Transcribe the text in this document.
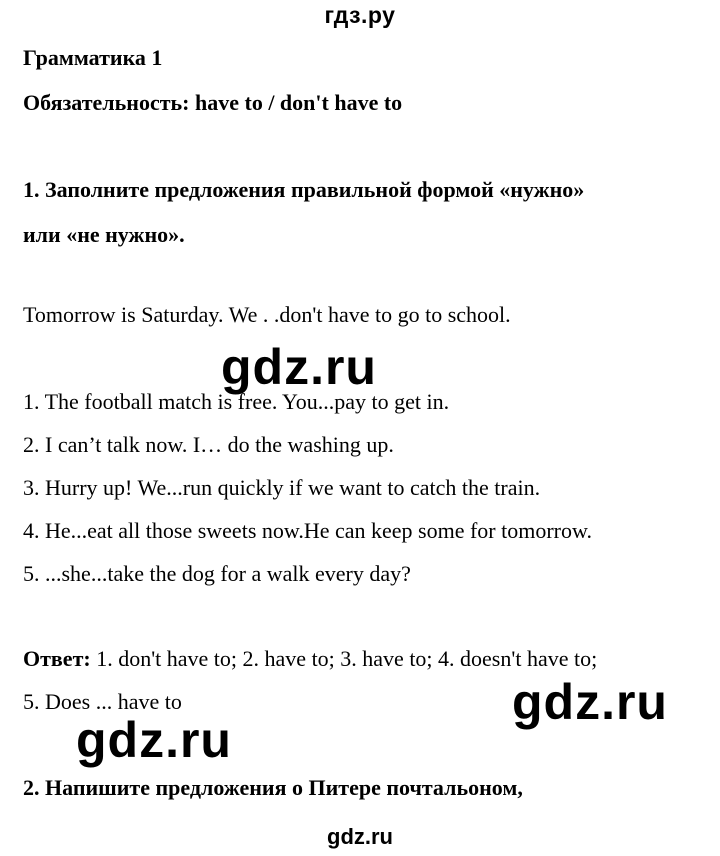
гдз.ру
Грамматика 1
Обязательность: have to / don't have to
1. Заполните предложения правильной формой «нужно»
или «не нужно».
Tomorrow is Saturday. We . .don't have to go to school.
gdz.ru
1. The football match is free. You...pay to get in.
2. I can’t talk now. I… do the washing up.
3. Hurry up! We...run quickly if we want to catch the train.
4. He...eat all those sweets now.He can keep some for tomorrow.
5. ...she...take the dog for a walk every day?
Ответ: 1. don't have to; 2. have to; 3. have to; 4. doesn't have to;
5. Does ... have to	gdz.ru
gdz.ru
2. Напишите предложения о Питере почтальоном,
gdz.ru
